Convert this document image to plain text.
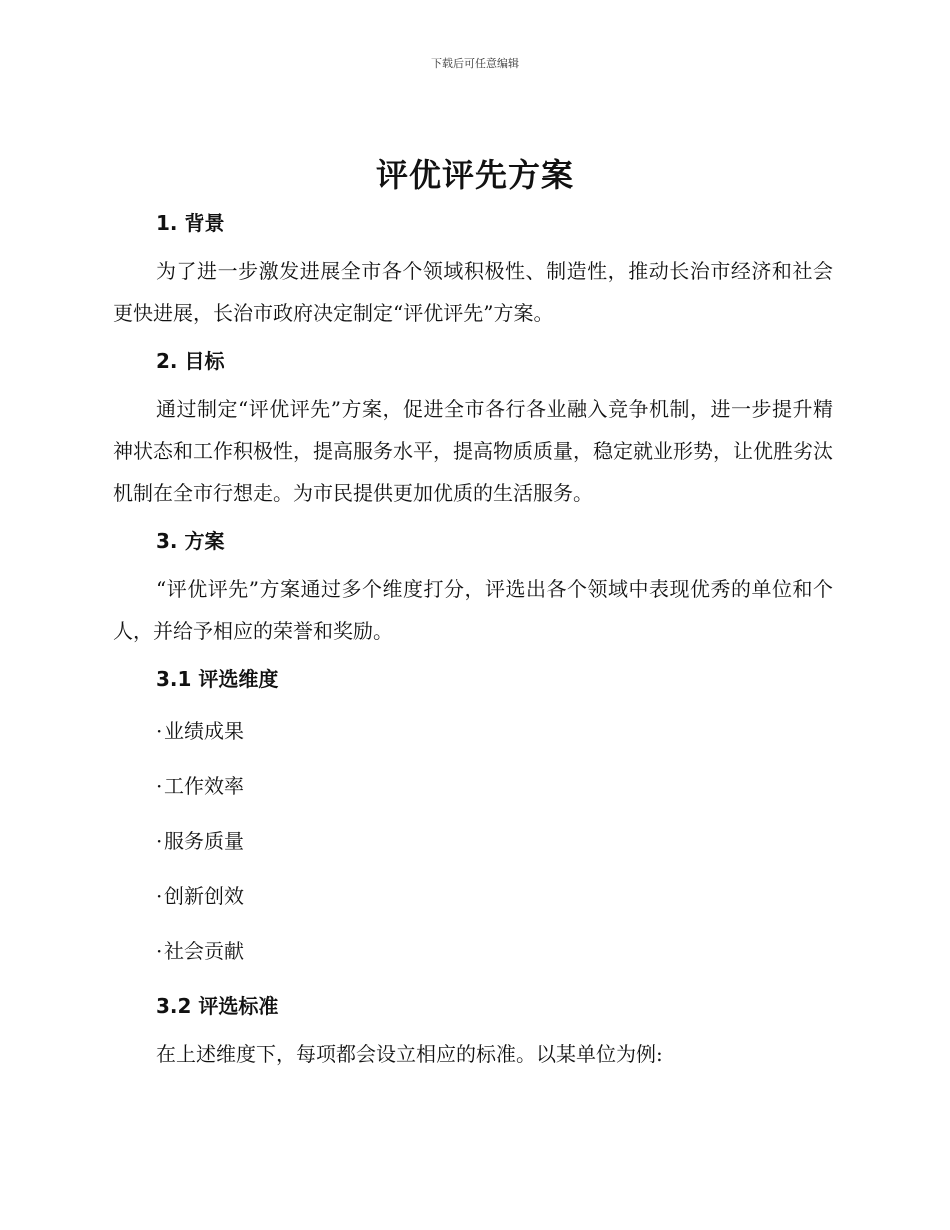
下载后可任意编辑
评优评先方案
1. 背景

为了进一步激发进展全市各个领域积极性、制造性，推动长治市经济和社会更快进展，长治市政府决定制定“评优评先”方案。

2. 目标

通过制定“评优评先”方案，促进全市各行各业融入竞争机制，进一步提升精神状态和工作积极性，提高服务水平，提高物质质量，稳定就业形势，让优胜劣汰机制在全市行想走。为市民提供更加优质的生活服务。

3. 方案

“评优评先”方案通过多个维度打分，评选出各个领域中表现优秀的单位和个人，并给予相应的荣誉和奖励。

3.1 评选维度
·业绩成果
·工作效率
·服务质量
·创新创效
·社会贡献
3.2 评选标准

在上述维度下，每项都会设立相应的标准。以某单位为例:
